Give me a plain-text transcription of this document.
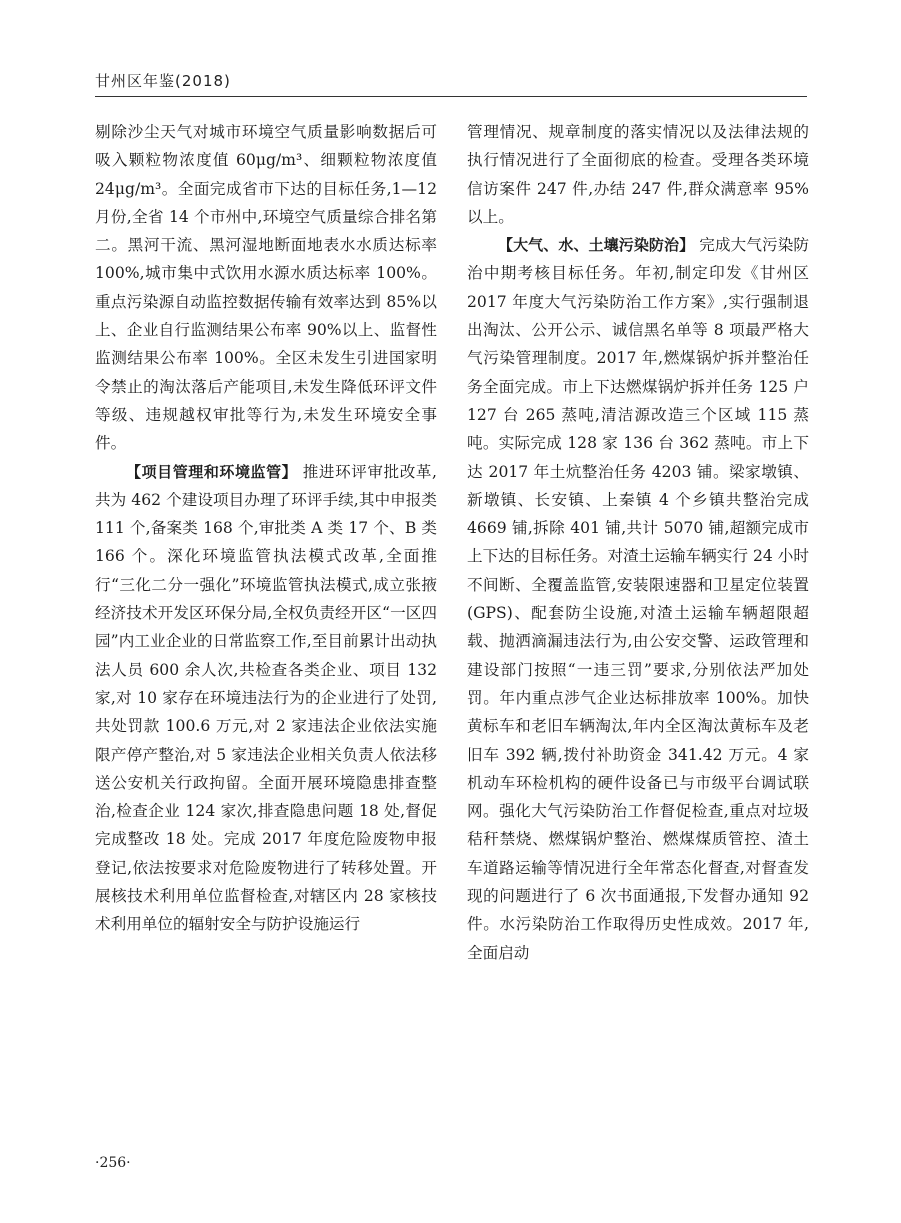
甘州区年鉴(2018)

剔除沙尘天气对城市环境空气质量影响数据后可吸入颗粒物浓度值 60μg/m³、细颗粒物浓度值 24μg/m³。全面完成省市下达的目标任务,1—12 月份,全省 14 个市州中,环境空气质量综合排名第二。黑河干流、黑河湿地断面地表水水质达标率 100%,城市集中式饮用水源水质达标率 100%。重点污染源自动监控数据传输有效率达到 85%以上、企业自行监测结果公布率 90%以上、监督性监测结果公布率 100%。全区未发生引进国家明令禁止的淘汰落后产能项目,未发生降低环评文件等级、违规越权审批等行为,未发生环境安全事件。

【项目管理和环境监管】 推进环评审批改革,共为 462 个建设项目办理了环评手续,其中申报类 111 个,备案类 168 个,审批类 A 类 17 个、B 类 166 个。深化环境监管执法模式改革,全面推行“三化二分一强化”环境监管执法模式,成立张掖经济技术开发区环保分局,全权负责经开区“一区四园”内工业企业的日常监察工作,至目前累计出动执法人员 600 余人次,共检查各类企业、项目 132 家,对 10 家存在环境违法行为的企业进行了处罚,共处罚款 100.6 万元,对 2 家违法企业依法实施限产停产整治,对 5 家违法企业相关负责人依法移送公安机关行政拘留。全面开展环境隐患排查整治,检查企业 124 家次,排查隐患问题 18 处,督促完成整改 18 处。完成 2017 年度危险废物申报登记,依法按要求对危险废物进行了转移处置。开展核技术利用单位监督检查,对辖区内 28 家核技术利用单位的辐射安全与防护设施运行

管理情况、规章制度的落实情况以及法律法规的执行情况进行了全面彻底的检查。受理各类环境信访案件 247 件,办结 247 件,群众满意率 95%以上。

【大气、水、土壤污染防治】 完成大气污染防治中期考核目标任务。年初,制定印发《甘州区 2017 年度大气污染防治工作方案》,实行强制退出淘汰、公开公示、诚信黑名单等 8 项最严格大气污染管理制度。2017 年,燃煤锅炉拆并整治任务全面完成。市上下达燃煤锅炉拆并任务 125 户 127 台 265 蒸吨,清洁源改造三个区域 115 蒸吨。实际完成 128 家 136 台 362 蒸吨。市上下达 2017 年土炕整治任务 4203 铺。梁家墩镇、新墩镇、长安镇、上秦镇 4 个乡镇共整治完成 4669 铺,拆除 401 铺,共计 5070 铺,超额完成市上下达的目标任务。对渣土运输车辆实行 24 小时不间断、全覆盖监管,安装限速器和卫星定位装置(GPS)、配套防尘设施,对渣土运输车辆超限超载、抛洒滴漏违法行为,由公安交警、运政管理和建设部门按照“一违三罚”要求,分别依法严加处罚。年内重点涉气企业达标排放率 100%。加快黄标车和老旧车辆淘汰,年内全区淘汰黄标车及老旧车 392 辆,拨付补助资金 341.42 万元。4 家机动车环检机构的硬件设备已与市级平台调试联网。强化大气污染防治工作督促检查,重点对垃圾秸秆禁烧、燃煤锅炉整治、燃煤煤质管控、渣土车道路运输等情况进行全年常态化督查,对督查发现的问题进行了 6 次书面通报,下发督办通知 92 件。水污染防治工作取得历史性成效。2017 年,全面启动

·256·
